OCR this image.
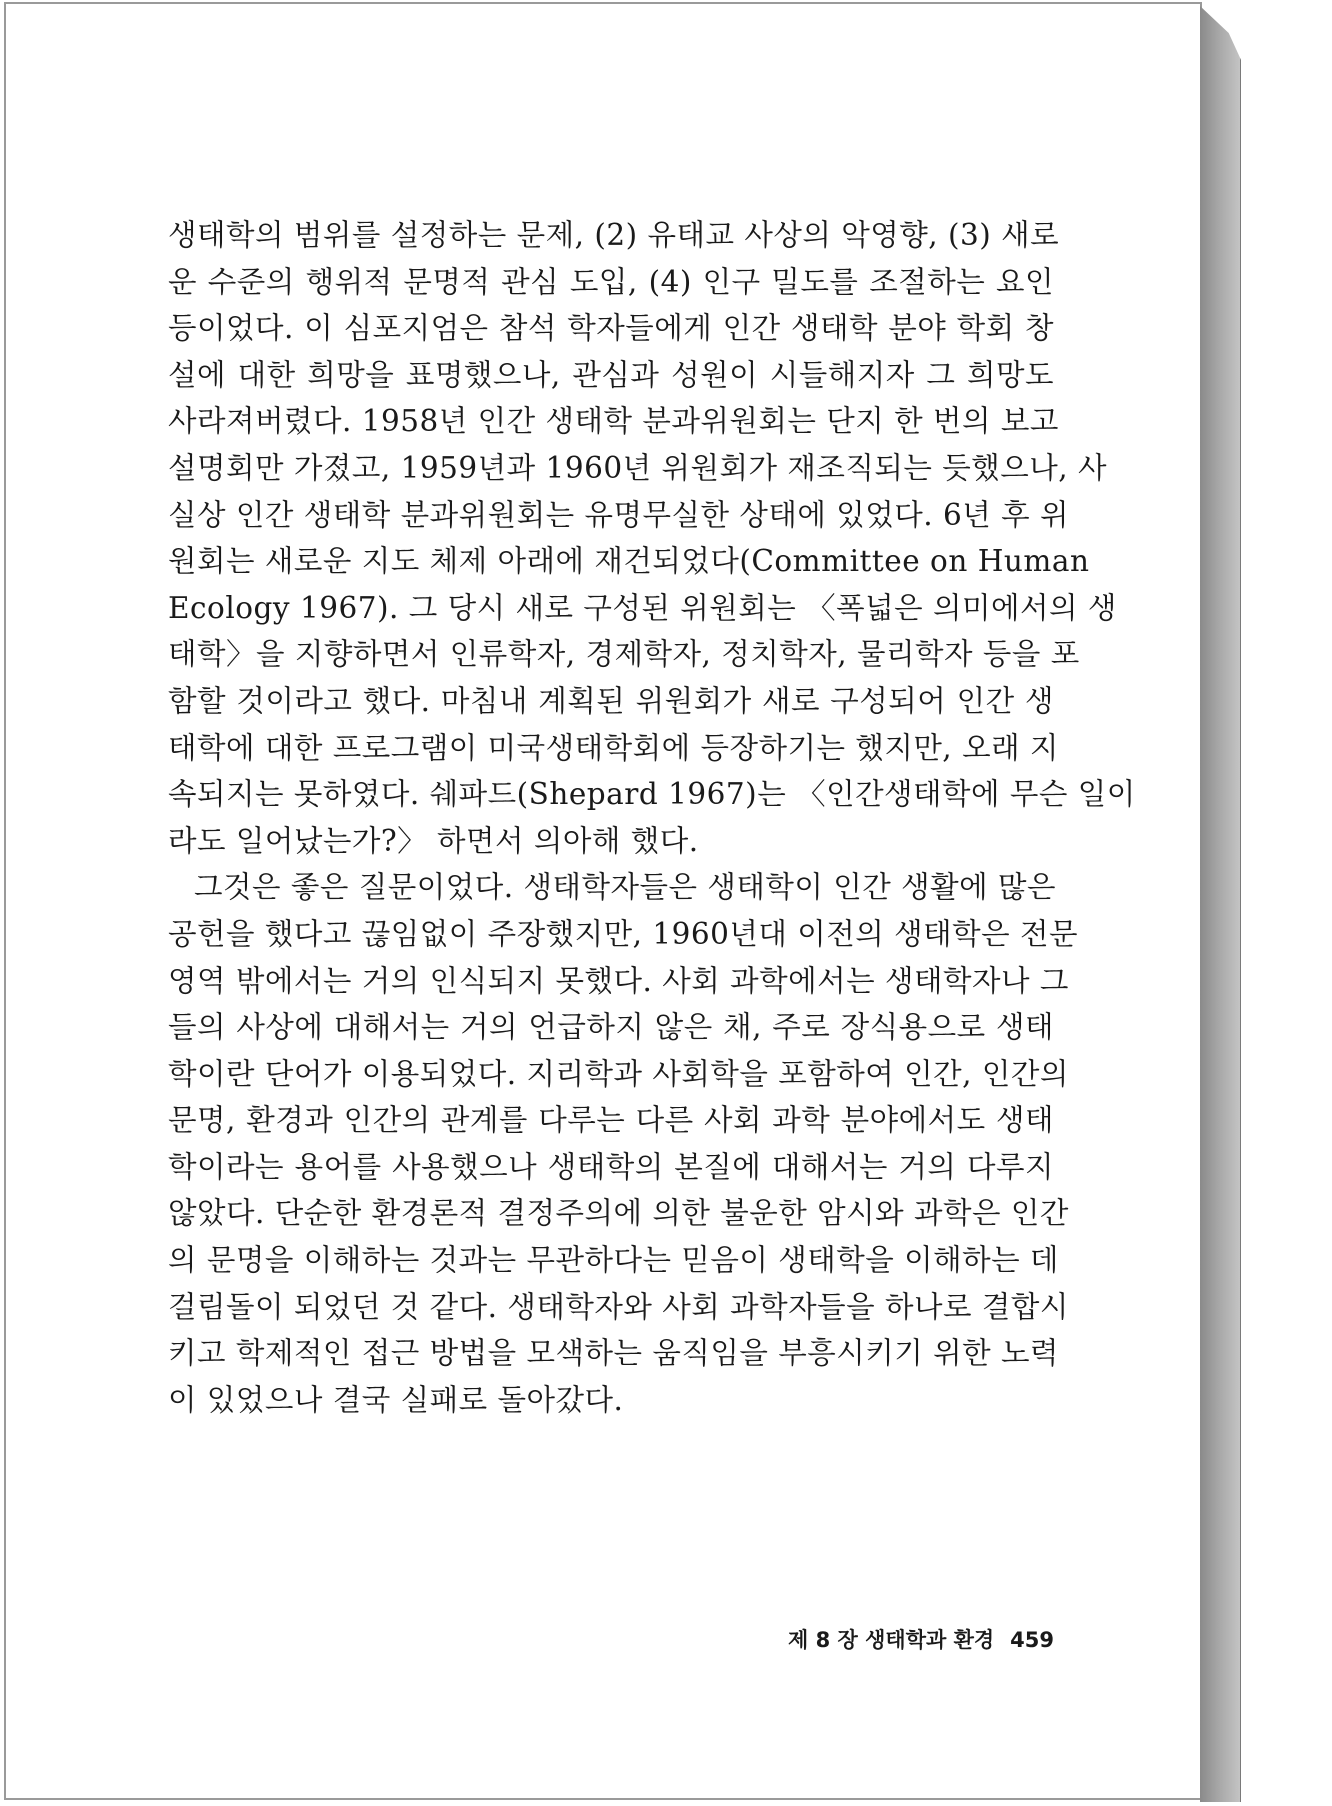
생태학의 범위를 설정하는 문제, (2) 유태교 사상의 악영향, (3) 새로
운 수준의 행위적 문명적 관심 도입, (4) 인구 밀도를 조절하는 요인
등이었다. 이 심포지엄은 참석 학자들에게 인간 생태학 분야 학회 창
설에 대한 희망을 표명했으나, 관심과 성원이 시들해지자 그 희망도
사라져버렸다. 1958년 인간 생태학 분과위원회는 단지 한 번의 보고
설명회만 가졌고, 1959년과 1960년 위원회가 재조직되는 듯했으나, 사
실상 인간 생태학 분과위원회는 유명무실한 상태에 있었다. 6년 후 위
원회는 새로운 지도 체제 아래에 재건되었다(Committee on Human
Ecology 1967). 그 당시 새로 구성된 위원회는 〈폭넓은 의미에서의 생
태학〉을 지향하면서 인류학자, 경제학자, 정치학자, 물리학자 등을 포
함할 것이라고 했다. 마침내 계획된 위원회가 새로 구성되어 인간 생
태학에 대한 프로그램이 미국생태학회에 등장하기는 했지만, 오래 지
속되지는 못하였다. 쉐파드(Shepard 1967)는 〈인간생태학에 무슨 일이
라도 일어났는가?〉 하면서 의아해 했다.
그것은 좋은 질문이었다. 생태학자들은 생태학이 인간 생활에 많은
공헌을 했다고 끊임없이 주장했지만, 1960년대 이전의 생태학은 전문
영역 밖에서는 거의 인식되지 못했다. 사회 과학에서는 생태학자나 그
들의 사상에 대해서는 거의 언급하지 않은 채, 주로 장식용으로 생태
학이란 단어가 이용되었다. 지리학과 사회학을 포함하여 인간, 인간의
문명, 환경과 인간의 관계를 다루는 다른 사회 과학 분야에서도 생태
학이라는 용어를 사용했으나 생태학의 본질에 대해서는 거의 다루지
않았다. 단순한 환경론적 결정주의에 의한 불운한 암시와 과학은 인간
의 문명을 이해하는 것과는 무관하다는 믿음이 생태학을 이해하는 데
걸림돌이 되었던 것 같다. 생태학자와 사회 과학자들을 하나로 결합시
키고 학제적인 접근 방법을 모색하는 움직임을 부흥시키기 위한 노력
이 있었으나 결국 실패로 돌아갔다.
제 8 장 생태학과 환경 459
